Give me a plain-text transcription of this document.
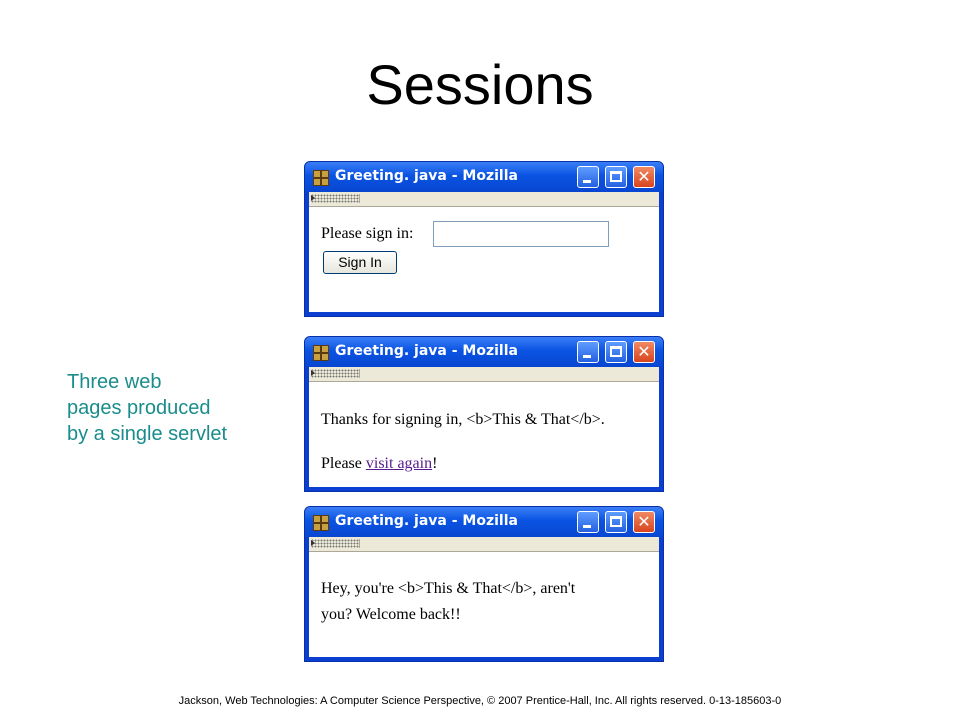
Sessions
Three web
pages produced
by a single servlet
Greeting. java - Mozilla	✕
Please sign in:
Sign In
Greeting. java - Mozilla	✕
Thanks for signing in, <b>This & That</b>.
Please visit again!
Greeting. java - Mozilla	✕
Hey, you're <b>This & That</b>, aren't
you? Welcome back!!
Jackson, Web Technologies: A Computer Science Perspective, © 2007 Prentice-Hall, Inc. All rights reserved. 0-13-185603-0
